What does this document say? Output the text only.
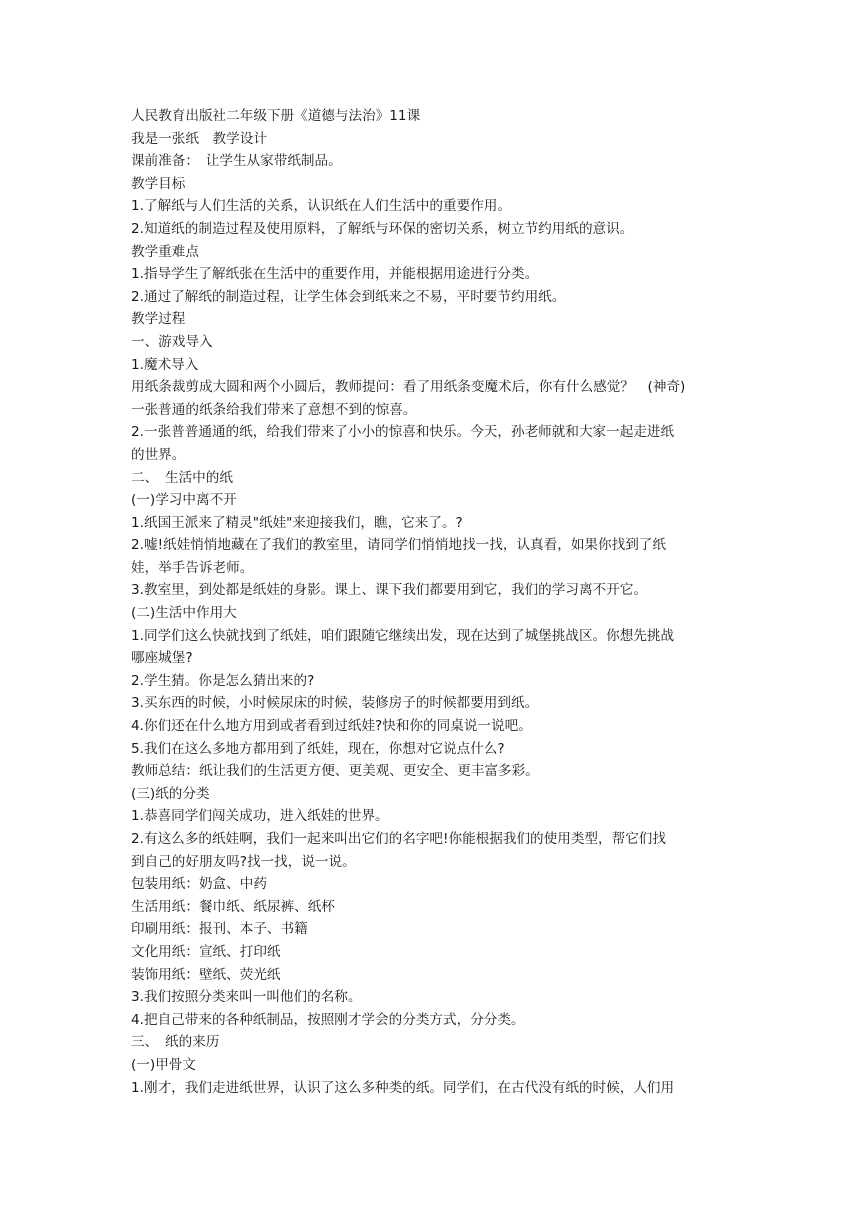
人民教育出版社二年级下册《道德与法治》11课
我是一张纸　教学设计
课前准备：　让学生从家带纸制品。
教学目标
1.了解纸与人们生活的关系，认识纸在人们生活中的重要作用。
2.知道纸的制造过程及使用原料，了解纸与环保的密切关系，树立节约用纸的意识。
教学重难点
1.指导学生了解纸张在生活中的重要作用，并能根据用途进行分类。
2.通过了解纸的制造过程，让学生体会到纸来之不易，平时要节约用纸。
教学过程
一、游戏导入
1.魔术导入
用纸条裁剪成大圆和两个小圆后，教师提问：看了用纸条变魔术后，你有什么感觉？　(神奇)
一张普通的纸条给我们带来了意想不到的惊喜。
2.一张普普通通的纸，给我们带来了小小的惊喜和快乐。今天，孙老师就和大家一起走进纸
的世界。
二、　生活中的纸
(一)学习中离不开
1.纸国王派来了精灵"纸娃"来迎接我们，瞧，它来了。?
2.嘘!纸娃悄悄地藏在了我们的教室里，请同学们悄悄地找一找，认真看，如果你找到了纸
娃，举手告诉老师。
3.教室里，到处都是纸娃的身影。课上、课下我们都要用到它，我们的学习离不开它。
(二)生活中作用大
1.同学们这么快就找到了纸娃，咱们跟随它继续出发，现在达到了城堡挑战区。你想先挑战
哪座城堡?
2.学生猜。你是怎么猜出来的?
3.买东西的时候，小时候尿床的时候，装修房子的时候都要用到纸。
4.你们还在什么地方用到或者看到过纸娃?快和你的同桌说一说吧。
5.我们在这么多地方都用到了纸娃，现在，你想对它说点什么?
教师总结：纸让我们的生活更方便、更美观、更安全、更丰富多彩。
(三)纸的分类
1.恭喜同学们闯关成功，进入纸娃的世界。
2.有这么多的纸娃啊，我们一起来叫出它们的名字吧!你能根据我们的使用类型，帮它们找
到自己的好朋友吗?找一找，说一说。
包装用纸：奶盒、中药
生活用纸：餐巾纸、纸尿裤、纸杯
印刷用纸：报刊、本子、书籍
文化用纸：宣纸、打印纸
装饰用纸：壁纸、荧光纸
3.我们按照分类来叫一叫他们的名称。
4.把自己带来的各种纸制品，按照刚才学会的分类方式，分分类。
三、　纸的来历
(一)甲骨文
1.刚才，我们走进纸世界，认识了这么多种类的纸。同学们，在古代没有纸的时候，人们用
